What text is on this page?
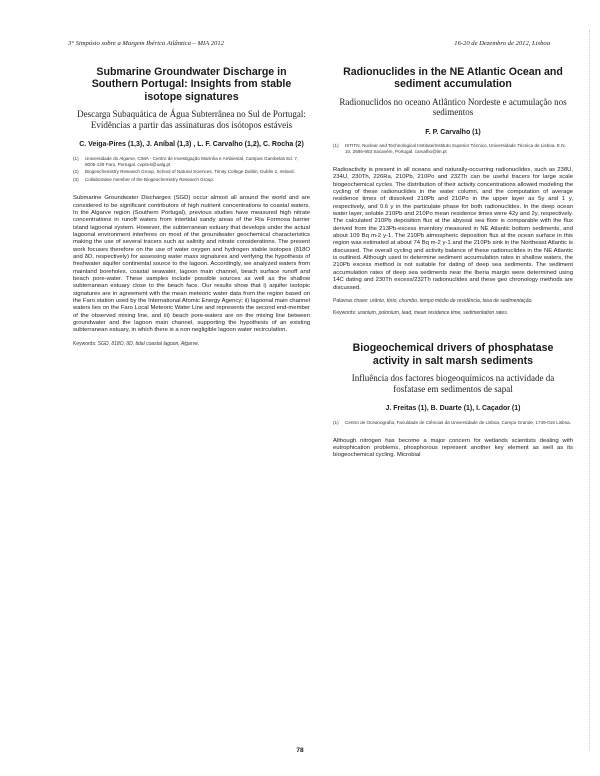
3° Simpósio sobre a Margem Ibérica Atlântica – MIA 2012	16-20 de Dezembro de 2012, Lisboa
Submarine Groundwater Discharge in Southern Portugal: Insights from stable isotope signatures
Descarga Subaquática de Água Subterrânea no Sul de Portugal: Evidências a partir das assinaturas dos isótopos estáveis
C. Veiga-Pires (1,3), J. Aníbal (1,3) , L. F. Carvalho (1,2), C. Rocha (2)
(1)	Universidade do Algarve, CIMA - Centro de Investigação Marinha e Ambiental, Campus Gambelas Ed. 7, 8005-139 Faro, Portugal. cvpires@ualg.pt
(2)	Biogeochemistry Research Group, School of Natural Sciences, Trinity College Dublin, Dublin 2, Ireland.
(3)	Collaborative member of the Biogeochemistry Research Group.
Submarine Groundwater Discharges (SGD) occur almost all around the world and are considered to be significant contributors of high nutrient concentrations to coastal waters. In the Algarve region (Southern Portugal), previous studies have measured high nitrate concentrations in runoff waters from intertidal sandy areas of the Ria Formosa barrier island lagoonal system. However, the subterranean estuary that develops under the actual lagoonal environment interferes on most of the groundwater geochemical characteristics making the use of several tracers such as salinity and nitrate considerations. The present work focuses therefore on the use of water oxygen and hydrogen stable isotopes (δ18O and δD, respectively) for assessing water mass signatures and verifying the hypothesis of freshwater aquifer continental source to the lagoon. Accordingly, we analyzed waters from mainland boreholes, coastal seawater, lagoon main channel, beach surface runoff and beach pore-water. These samples include possible sources as well as the shallow subterranean estuary close to the beach face. Our results show that i) aquifer isotopic signatures are in agreement with the mean meteoric water data from the region based on the Faro station used by the International Atomic Energy Agency; ii) lagoonal main channel waters lies on the Faro Local Meteoric Water Line and represents the second end-member of the observed mixing line, and iii) beach pore-waters are on the mixing line between groundwater and the lagoon main channel, supporting the hypothesis of an existing subterranean estuary, in which there is a non negligible lagoon water recirculation.
Keywords: SGD, δ18O, δD, tidal coastal lagoon, Algarve.
Radionuclides in the NE Atlantic Ocean and sediment accumulation
Radionuclidos no oceano Atlântico Nordeste e acumulação nos sedimentos
F. P. Carvalho (1)
(1)	ISTITN, Nuclear and Technological Institute/Instituto Superior Técnico, Universidade Técnica de Lisboa, E.N. 10, 2686-953 Sacavém, Portugal. carvalho@itn.pt
Radioactivity is present in all oceans and naturally-occurring radionuclides, such as 238U, 234U, 230Th, 226Ra, 210Pb, 210Po and 232Th can be useful tracers for large scale biogeochemical cycles. The distribution of their activity concentrations allowed modeling the cycling of these radionuclides in the water column, and the computation of average residence times of dissolved 210Pb and 210Po in the upper layer as 5y and 1 y, respectively, and 0.6 y in the particulate phase for both radionuclides. In the deep ocean water layer, soluble 210Pb and 210Po mean residence times were 42y and 2y, respectively. The calculated 210Pb deposition flux at the abyssal sea floor is comparable with the flux derived from the 213Pb-excess inventory measured in NE Atlantic bottom sediments, and about 109 Bq m-2 y-1. The 210Pb atmospheric deposition flux at the ocean surface in this region was estimated at about 74 Bq m-2 y-1 and the 210Pb sink in the Northeast Atlantic is discussed. The overall cycling and activity balance of these radionuclides in the NE Atlantic is outlined. Although used to determine sediment accumulation rates in shallow waters, the 210Pb excess method is not suitable for dating of deep sea sediments. The sediment accumulation rates of deep sea sediments near the Iberia margin were determined using 14C dating and 230Th excess/232Th radionuclides and these geo chronology methods are discussed.
Palavras chave: urânio, tório, chumbo, tempo médio de residência, taxa de sedimentação.
Keywords: uranium, polonium, lead, mean residence time, sedimentation rates.
Biogeochemical drivers of phosphatase activity in salt marsh sediments
Influência dos factores biogeoquímicos na actividade da fosfatase em sedimentos de sapal
J. Freitas (1), B. Duarte (1), I. Caçador (1)
(1)	Centro de Oceanografia, Faculdade de Ciências da Universidade de Lisboa, Campo Grande, 1749-016 Lisboa.
Although nitrogen has become a major concern for wetlands scientists dealing with eutrophication problems, phosphorous represent another key element as well as its biogeochemical cycling. Microbial
78
